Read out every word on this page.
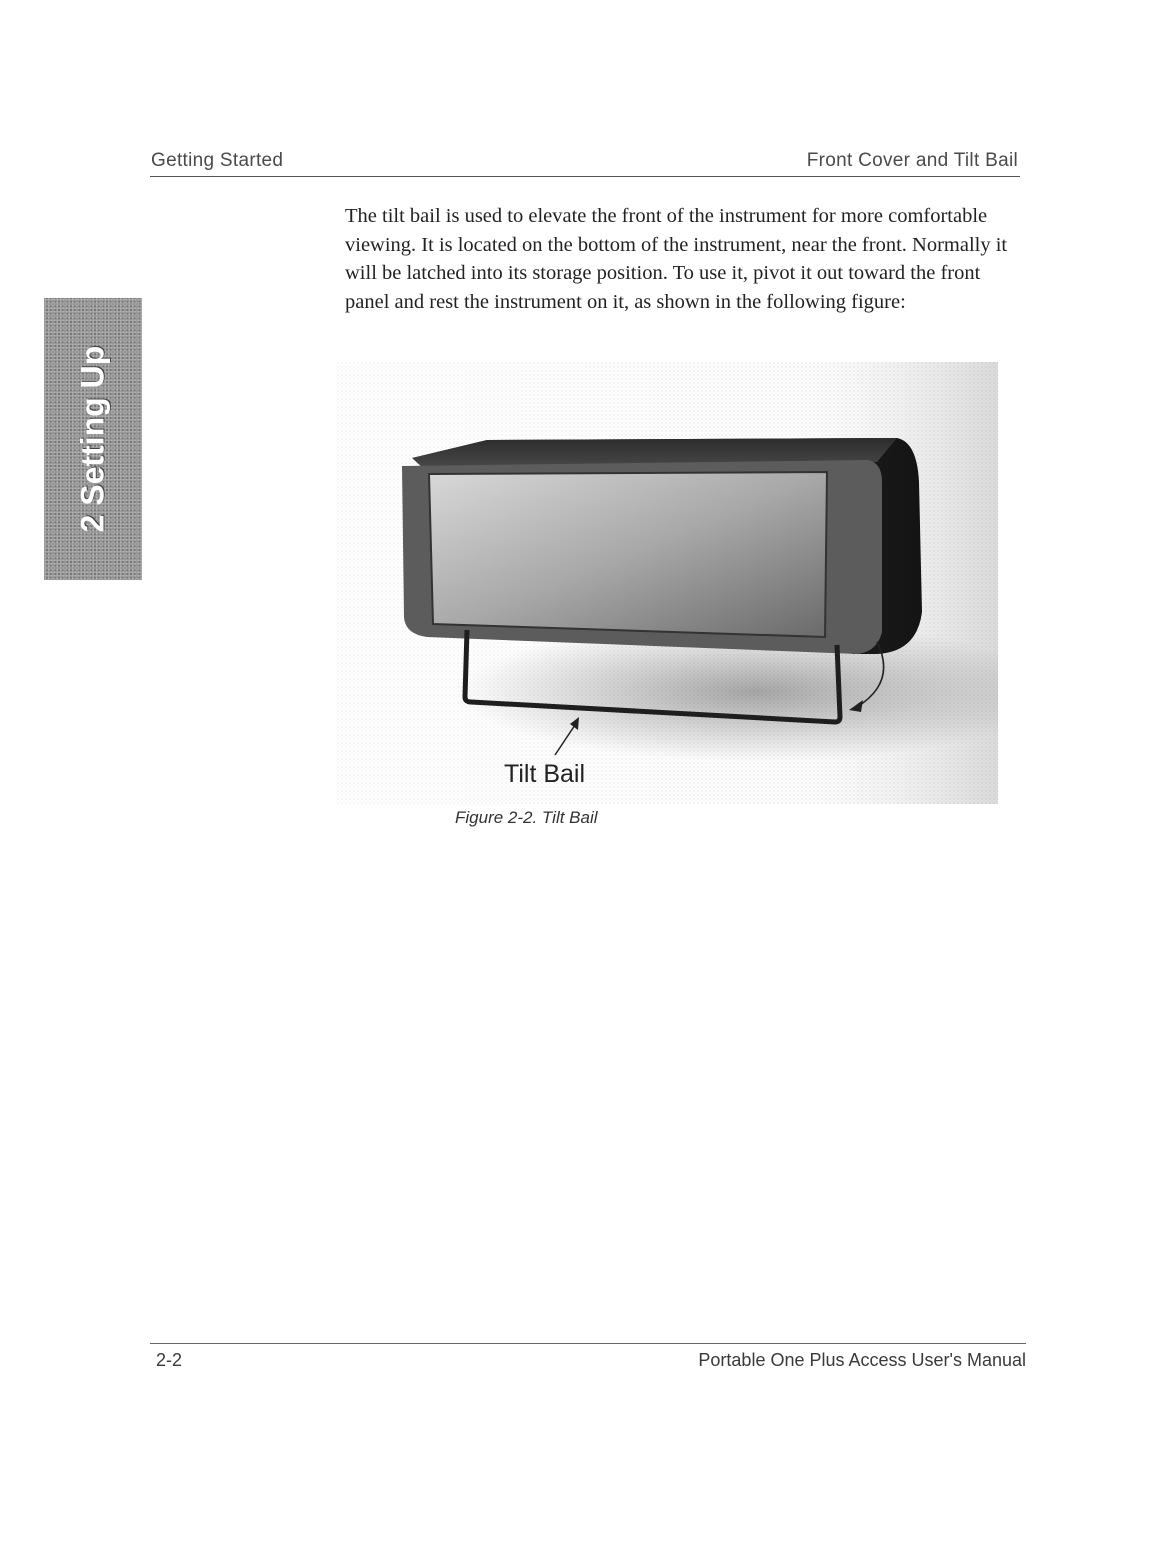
Getting Started	Front Cover and Tilt Bail
2 Setting Up

The tilt bail is used to elevate the front of the instrument for more comfortable viewing. It is located on the bottom of the instrument, near the front. Normally it will be latched into its storage position. To use it, pivot it out toward the front panel and rest the instrument on it, as shown in the following figure:

Tilt Bail
Figure 2-2. Tilt Bail
2-2	Portable One Plus Access User's Manual
